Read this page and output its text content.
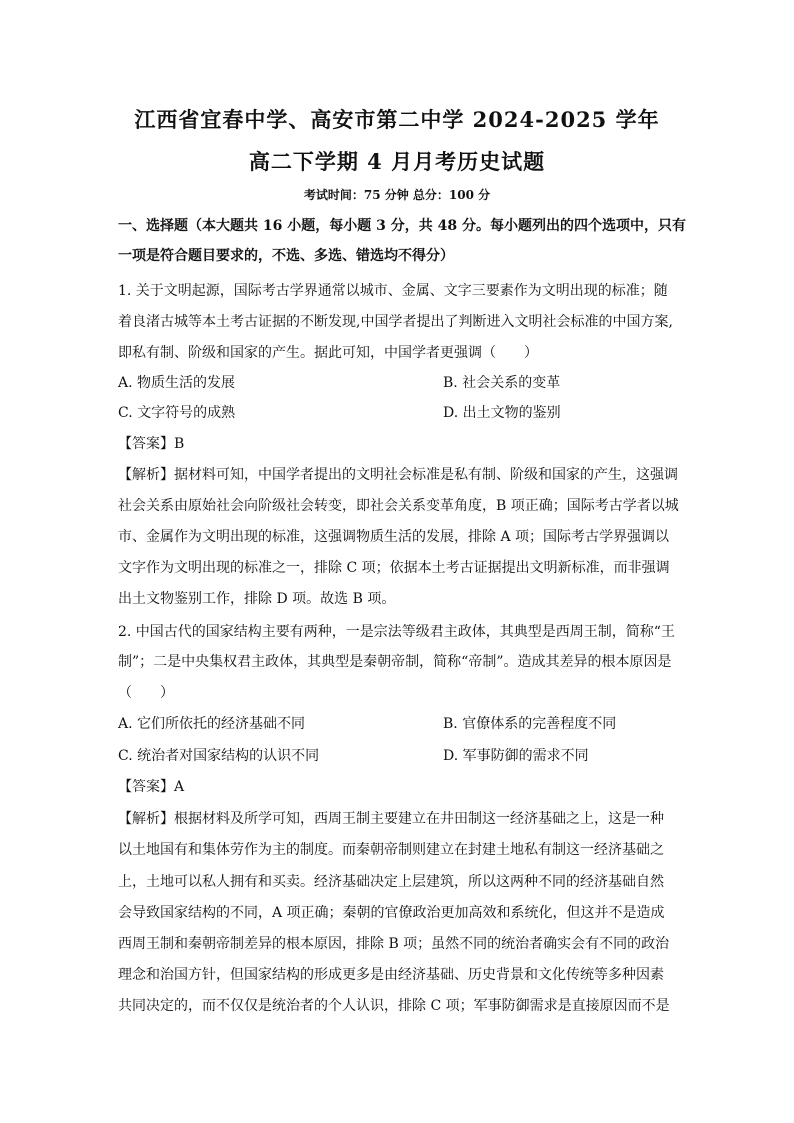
江西省宜春中学、高安市第二中学 2024-2025 学年
高二下学期 4 月月考历史试题
考试时间：75 分钟 总分：100 分
一、选择题（本大题共 16 小题，每小题 3 分，共 48 分。每小题列出的四个选项中，只有
一项是符合题目要求的，不选、多选、错选均不得分）
1. 关于文明起源，国际考古学界通常以城市、金属、文字三要素作为文明出现的标准；随
着良渚古城等本土考古证据的不断发现,中国学者提出了判断进入文明社会标准的中国方案,
即私有制、阶级和国家的产生。据此可知，中国学者更强调（　　）
A. 物质生活的发展	B. 社会关系的变革
C. 文字符号的成熟	D. 出土文物的鉴别
【答案】B
【解析】据材料可知，中国学者提出的文明社会标准是私有制、阶级和国家的产生，这强调
社会关系由原始社会向阶级社会转变，即社会关系变革角度，B 项正确；国际考古学者以城
市、金属作为文明出现的标准，这强调物质生活的发展，排除 A 项；国际考古学界强调以
文字作为文明出现的标准之一，排除 C 项；依据本土考古证据提出文明新标准，而非强调
出土文物鉴别工作，排除 D 项。故选 B 项。
2. 中国古代的国家结构主要有两种，一是宗法等级君主政体，其典型是西周王制，简称“王
制”；二是中央集权君主政体，其典型是秦朝帝制，简称“帝制”。造成其差异的根本原因是
（　　）
A. 它们所依托的经济基础不同	B. 官僚体系的完善程度不同
C. 统治者对国家结构的认识不同	D. 军事防御的需求不同
【答案】A
【解析】根据材料及所学可知，西周王制主要建立在井田制这一经济基础之上，这是一种
以土地国有和集体劳作为主的制度。而秦朝帝制则建立在封建土地私有制这一经济基础之
上，土地可以私人拥有和买卖。经济基础决定上层建筑，所以这两种不同的经济基础自然
会导致国家结构的不同，A 项正确；秦朝的官僚政治更加高效和系统化，但这并不是造成
西周王制和秦朝帝制差异的根本原因，排除 B 项；虽然不同的统治者确实会有不同的政治
理念和治国方针，但国家结构的形成更多是由经济基础、历史背景和文化传统等多种因素
共同决定的，而不仅仅是统治者的个人认识，排除 C 项；军事防御需求是直接原因而不是
